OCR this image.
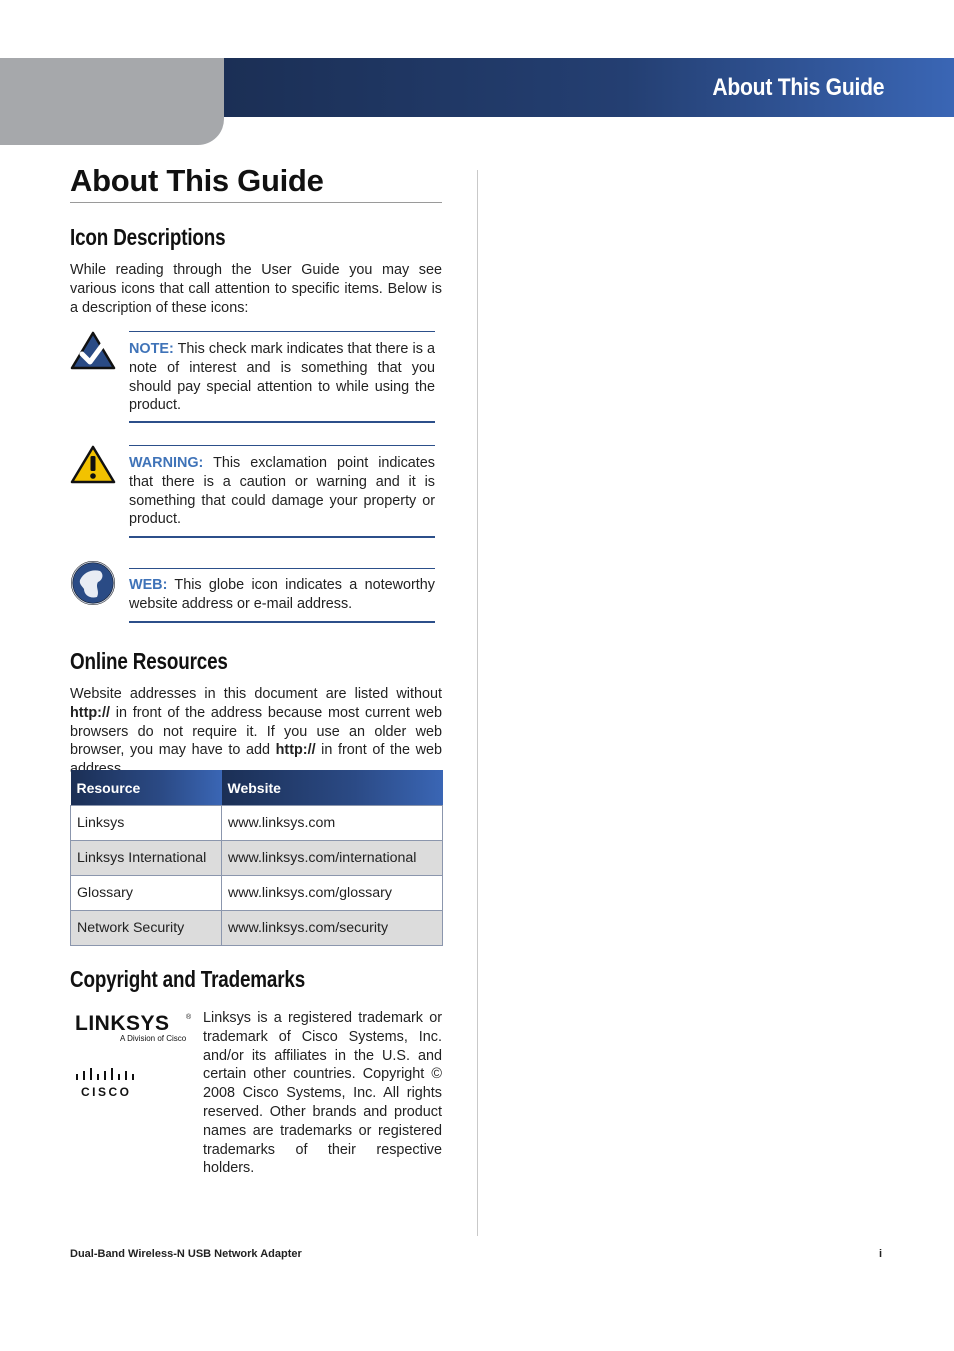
About This Guide
About This Guide
Icon Descriptions

While reading through the User Guide you may see various icons that call attention to specific items. Below is a description of these icons:

NOTE: This check mark indicates that there is a note of interest and is something that you should pay special attention to while using the product.

WARNING: This exclamation point indicates that there is a caution or warning and it is something that could damage your property or product.

WEB: This globe icon indicates a noteworthy website address or e-mail address.

Online Resources

Website addresses in this document are listed without http:// in front of the address because most current web browsers do not require it. If you use an older web browser, you may have to add http:// in front of the web

Resource	Website
Linksys	www.linksys.com
Linksys International	www.linksys.com/international
Glossary	www.linksys.com/glossary
Network Security	www.linksys.com/security
Copyright and Trademarks
LINKSYS ®
A Division of Cisco
CISCO

Linksys is a registered trademark or trademark of Cisco Systems, Inc. and/or its affiliates in the U.S. and certain other countries. Copyright © 2008 Cisco Systems, Inc. All rights reserved. Other brands and product names are trademarks or registered trademarks of their respective holders.

Dual-Band Wireless-N USB Network Adapter	i
